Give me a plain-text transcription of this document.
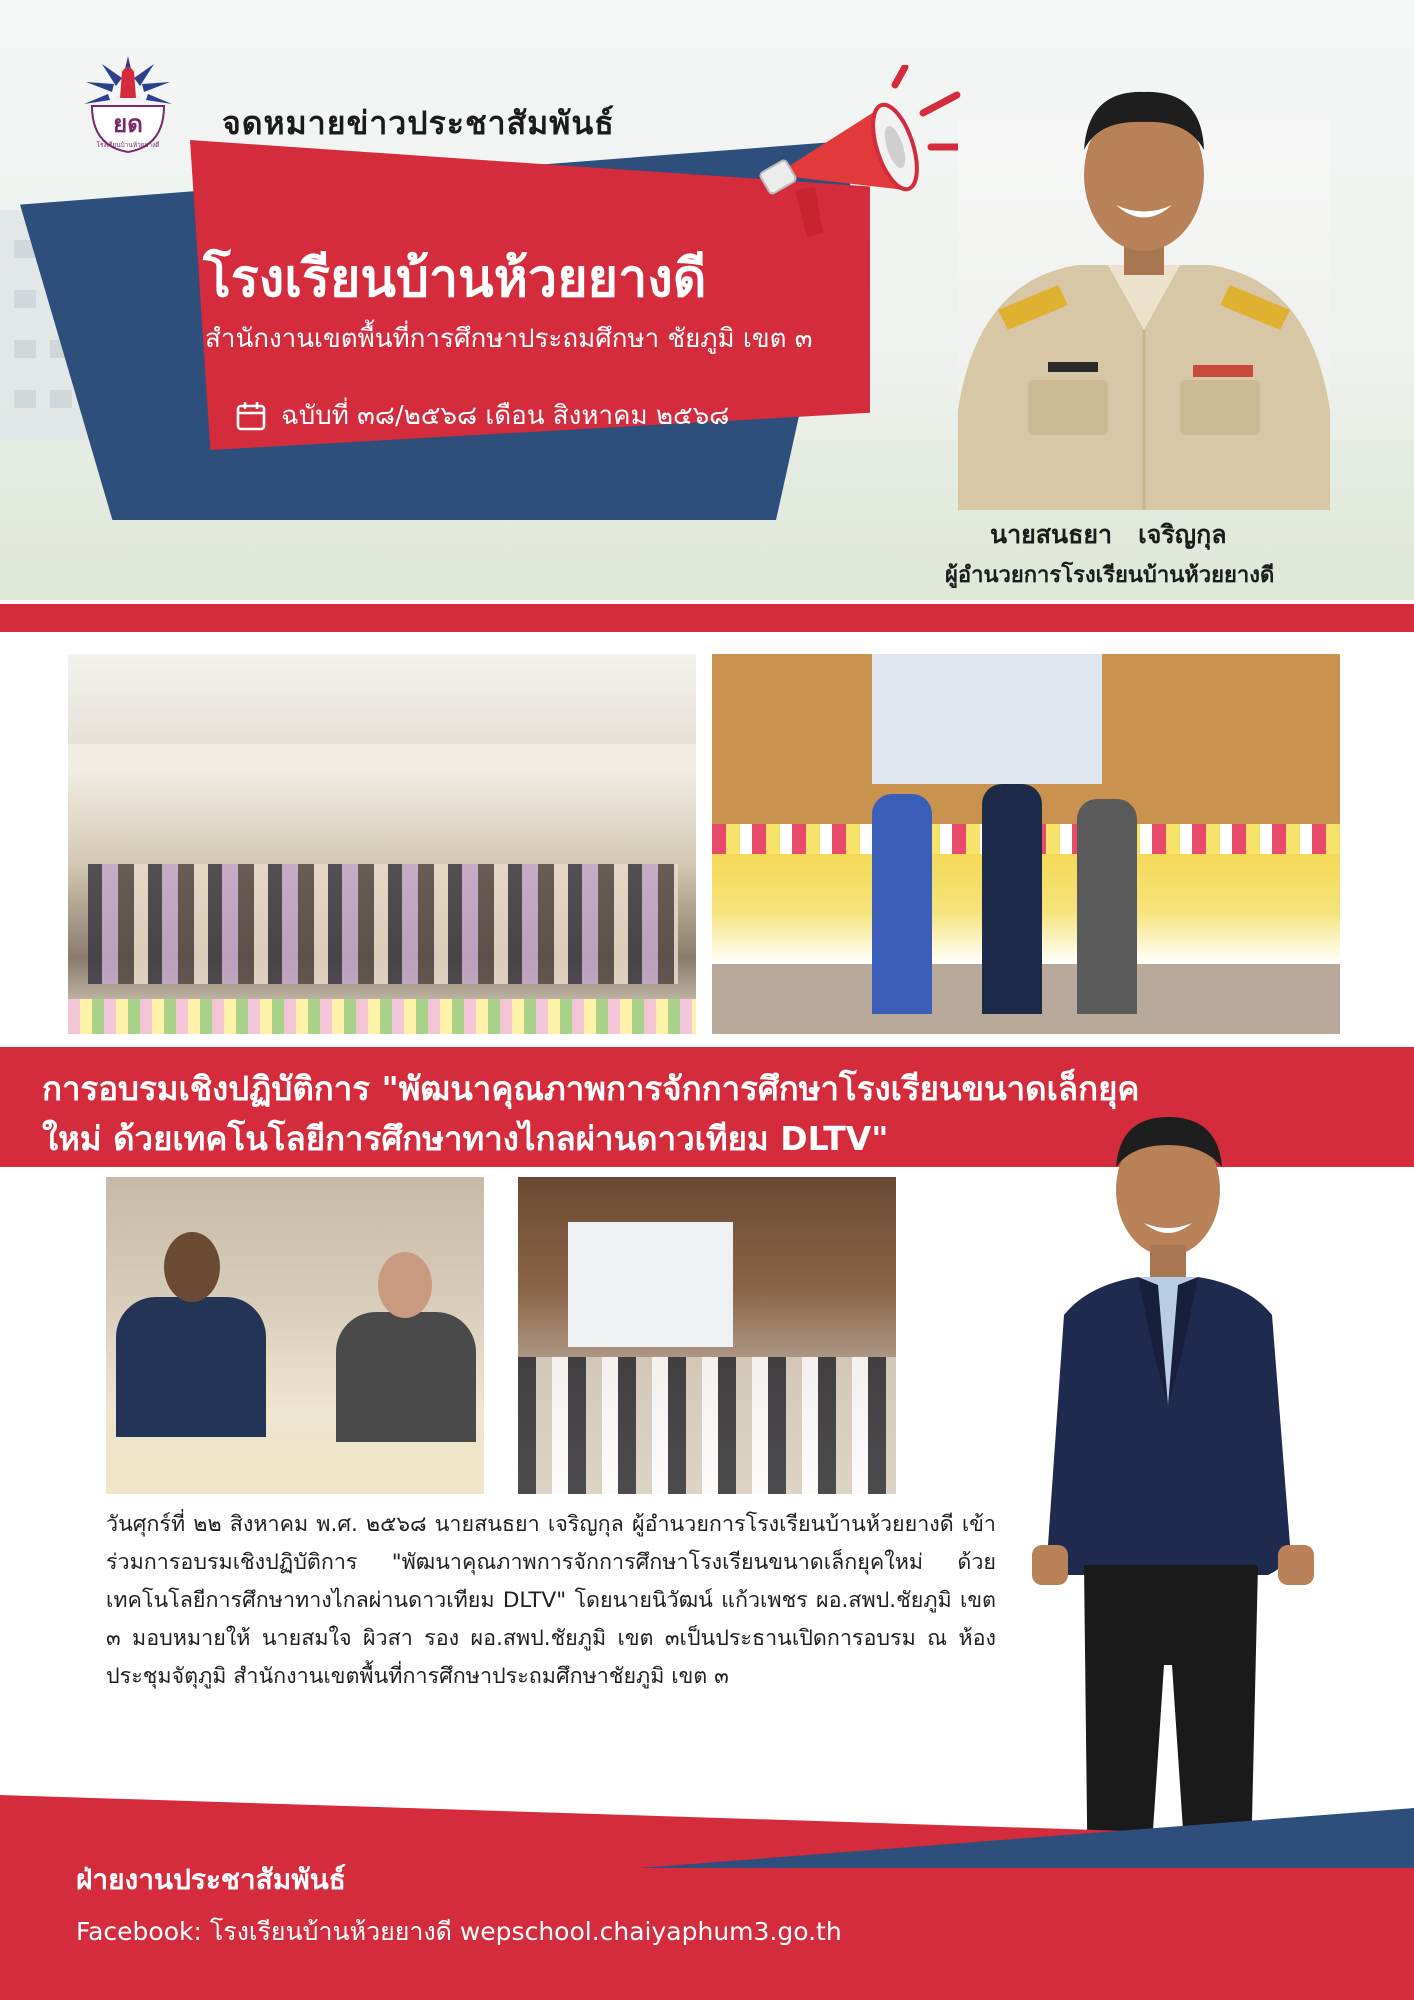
ยด
โรงเรียนบ้านห้วยยางดี
จดหมายข่าวประชาสัมพันธ์
โรงเรียนบ้านห้วยยางดี
สำนักงานเขตพื้นที่การศึกษาประถมศึกษา ชัยภูมิ เขต ๓
ฉบับที่ ๓๘/๒๕๖๘ เดือน สิงหาคม ๒๕๖๘
นายสนธยา   เจริญกุล
ผู้อำนวยการโรงเรียนบ้านห้วยยางดี
การอบรมเชิงปฏิบัติการ "พัฒนาคุณภาพการจักการศึกษาโรงเรียนขนาดเล็กยุค
ใหม่ ด้วยเทคโนโลยีการศึกษาทางไกลผ่านดาวเทียม DLTV"
วันศุกร์ที่ ๒๒ สิงหาคม พ.ศ. ๒๕๖๘ นายสนธยา เจริญกุล ผู้อำนวยการโรงเรียนบ้านห้วยยางดี เข้าร่วมการอบรมเชิงปฏิบัติการ "พัฒนาคุณภาพการจักการศึกษาโรงเรียนขนาดเล็กยุคใหม่ ด้วยเทคโนโลยีการศึกษาทางไกลผ่านดาวเทียม DLTV" โดยนายนิวัฒน์ แก้วเพชร ผอ.สพป.ชัยภูมิ เขต ๓ มอบหมายให้ นายสมใจ ผิวสา รอง ผอ.สพป.ชัยภูมิ เขต ๓เป็นประธานเปิดการอบรม ณ ห้องประชุมจัตุภูมิ สำนักงานเขตพื้นที่การศึกษาประถมศึกษาชัยภูมิ เขต ๓
ฝ่ายงานประชาสัมพันธ์
Facebook: โรงเรียนบ้านห้วยยางดี wepschool.chaiyaphum3.go.th
